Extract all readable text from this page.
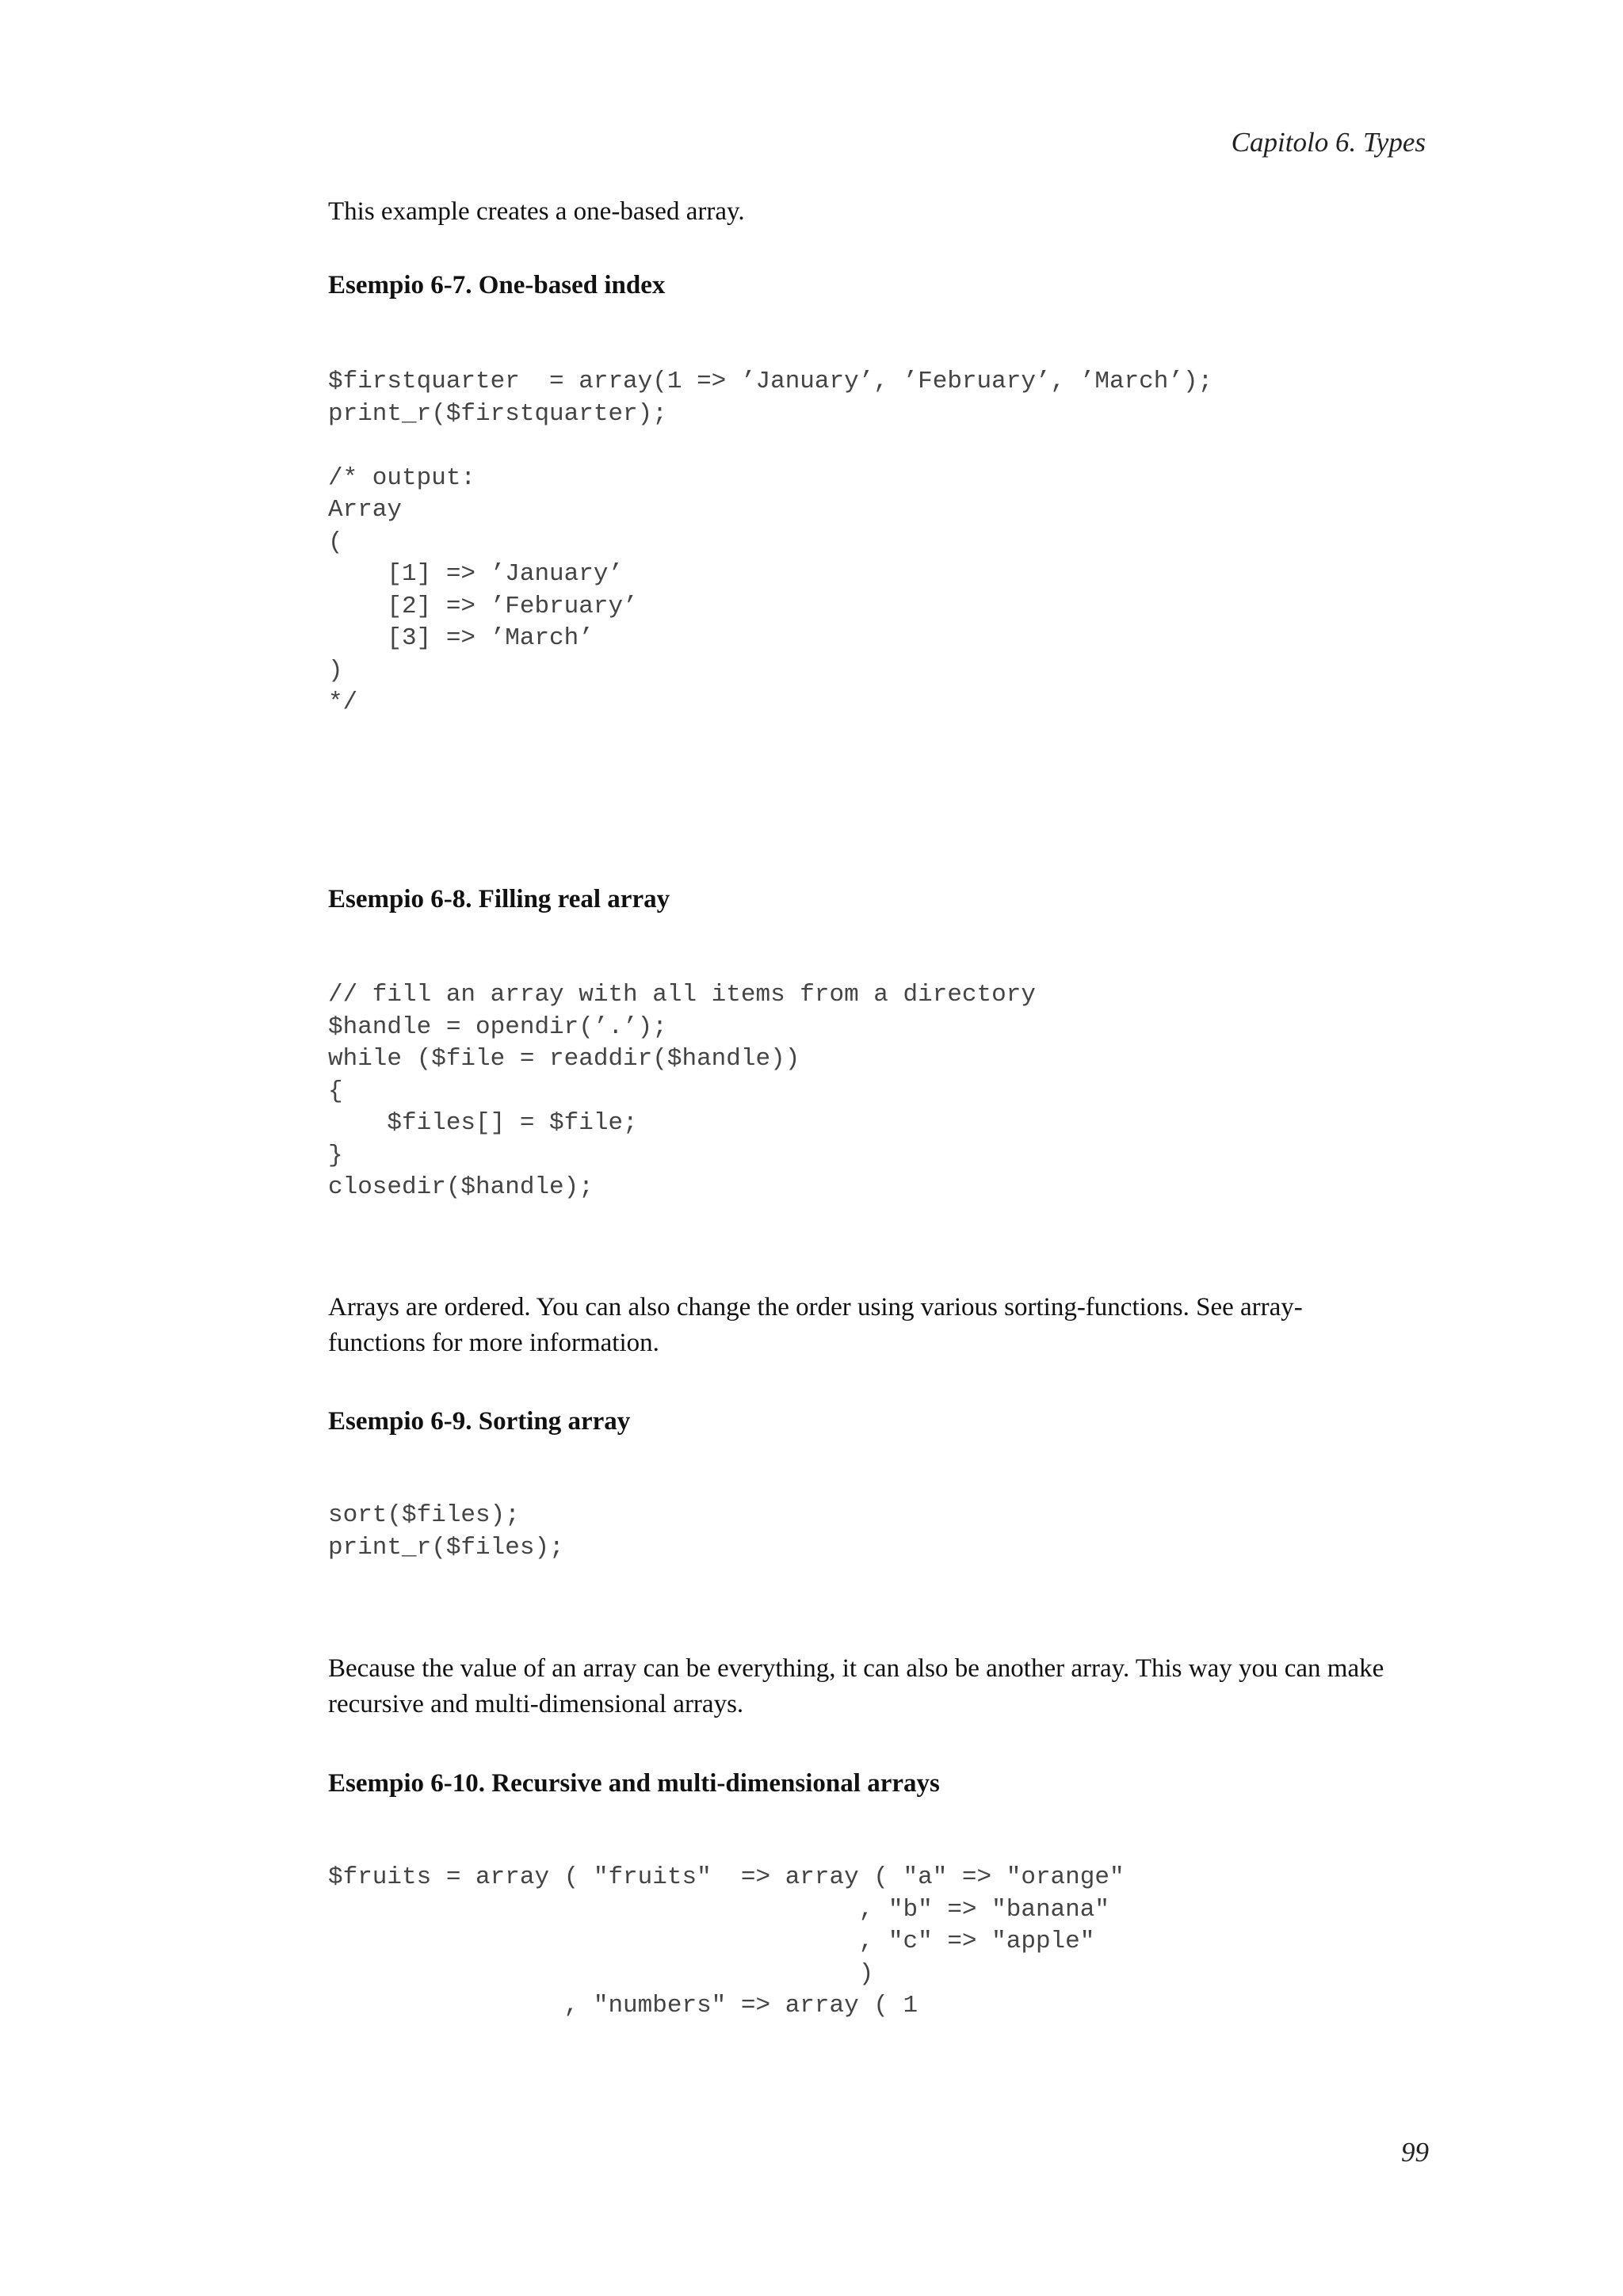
Capitolo 6. Types

This example creates a one-based array.

Esempio 6-7. One-based index

$firstquarter  = array(1 => ’January’, ’February’, ’March’);
print_r($firstquarter);

/* output:
Array
(
[1] => ’January’
[2] => ’February’
[3] => ’March’
)
*/

Esempio 6-8. Filling real array

// fill an array with all items from a directory
$handle = opendir(’.’);
while ($file = readdir($handle))
{
$files[] = $file;
}
closedir($handle);

Arrays are ordered. You can also change the order using various sorting-functions. See array-functions for more information.

Esempio 6-9. Sorting array

sort($files);
print_r($files);

Because the value of an array can be everything, it can also be another array. This way you can make recursive and multi-dimensional arrays.

Esempio 6-10. Recursive and multi-dimensional arrays

$fruits = array ( "fruits"  => array ( "a" => "orange"
, "b" => "banana"
, "c" => "apple"
)
, "numbers" => array ( 1
99
